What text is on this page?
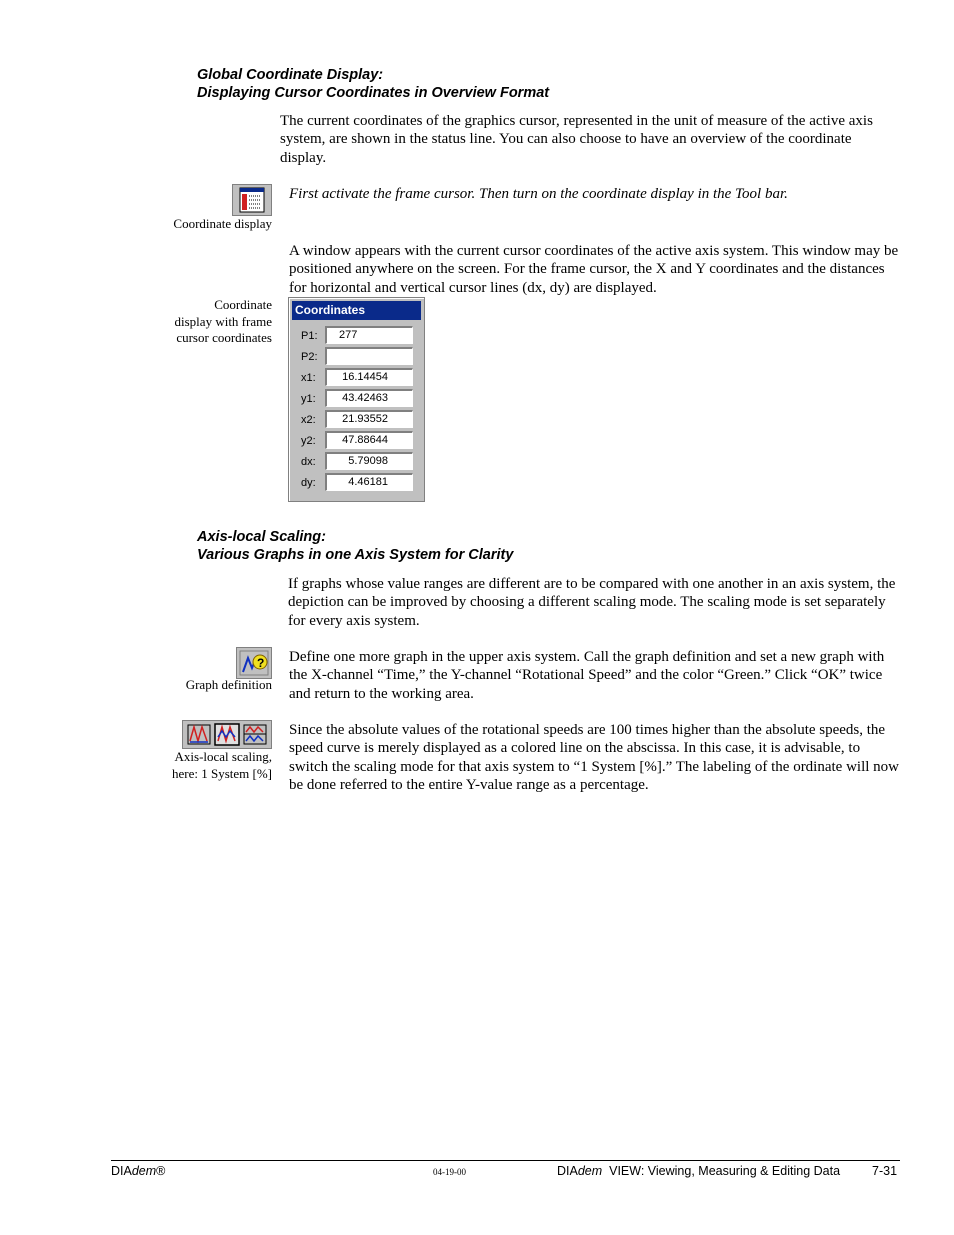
Global Coordinate Display:
Displaying Cursor Coordinates in Overview Format
The current coordinates of the graphics cursor, represented in the unit of measure of the active axis system, are shown in the status line. You can also choose to have an overview of the coordinate display.
Coordinate display
First activate the frame cursor. Then turn on the coordinate display in the Tool bar.
A window appears with the current cursor coordinates of the active axis system. This window may be positioned anywhere on the screen. For the frame cursor, the X and Y coordinates and the distances for horizontal and vertical cursor lines (dx, dy) are displayed.
Coordinate
display with frame
cursor coordinates
Coordinates
P1:	277
P2:
x1:	16.14454
y1:	43.42463
x2:	21.93552
y2:	47.88644
dx:	5.79098
dy:	4.46181
Axis-local Scaling:
Various Graphs in one Axis System for Clarity
If graphs whose value ranges are different are to be compared with one another in an axis system, the depiction can be improved by choosing a different scaling mode. The scaling mode is set separately for every axis system.
?
Graph definition
Define one more graph in the upper axis system. Call the graph definition and set a new graph with the X-channel “Time,” the Y-channel “Rotational Speed” and the color “Green.” Click “OK” twice and return to the working area.
Axis-local scaling,
here: 1 System [%]
Since the absolute values of the rotational speeds are 100 times higher than the absolute speeds, the speed curve is merely displayed as a colored line on the abscissa. In this case, it is advisable, to switch the scaling mode for that axis system to “1 System [%].” The labeling of the ordinate will now be done referred to the entire Y-value range as a percentage.
DIAdem®	04-19-00	DIAdem  VIEW: Viewing, Measuring & Editing Data	7-31
